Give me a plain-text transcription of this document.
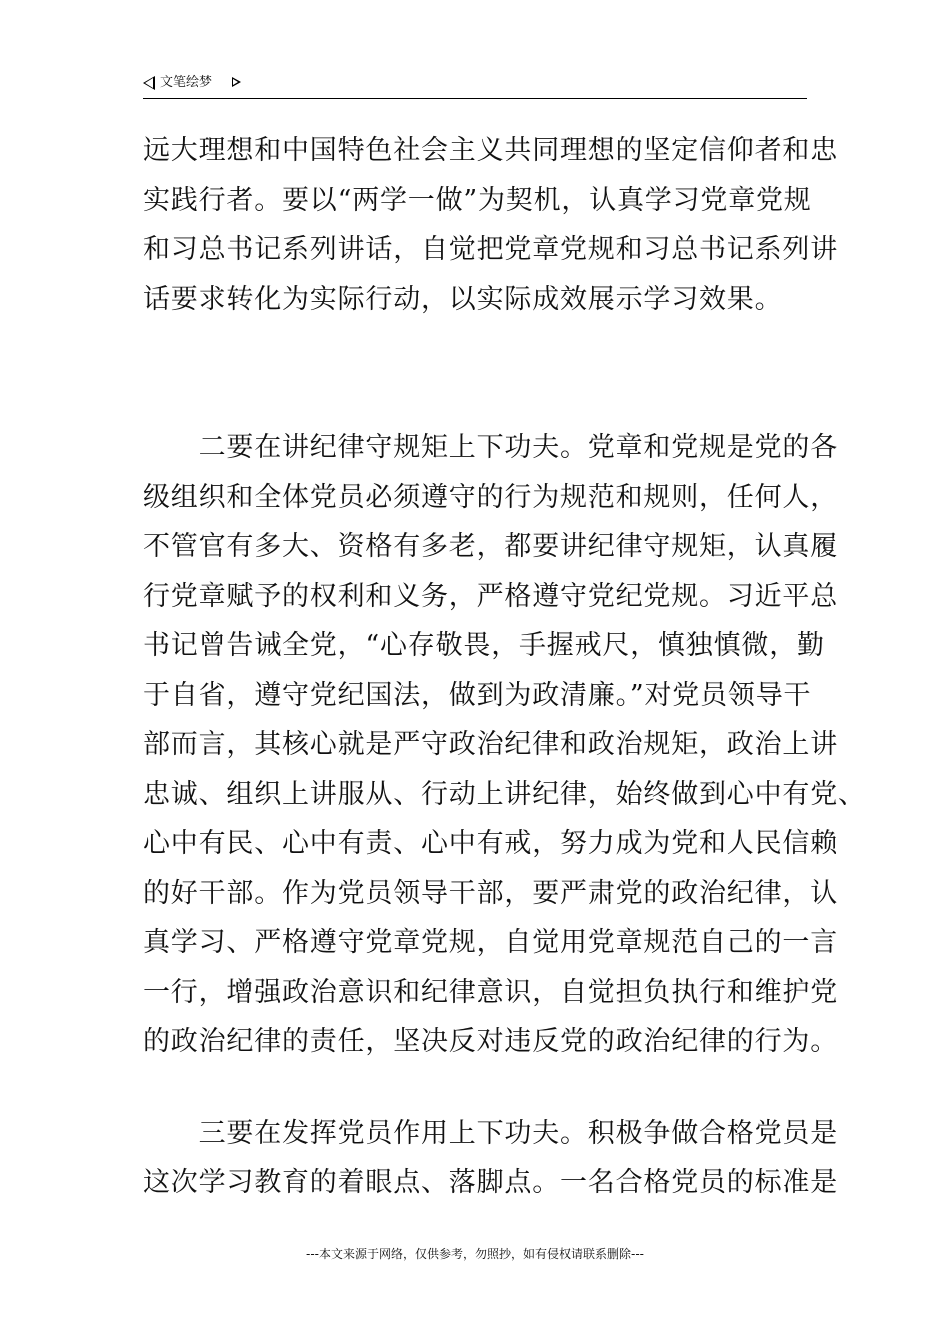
文笔绘梦
远大理想和中国特色社会主义共同理想的坚定信仰者和忠
实践行者。要以“两学一做”为契机，认真学习党章党规
和习总书记系列讲话，自觉把党章党规和习总书记系列讲
话要求转化为实际行动，以实际成效展示学习效果。
　　二要在讲纪律守规矩上下功夫。党章和党规是党的各
级组织和全体党员必须遵守的行为规范和规则，任何人，
不管官有多大、资格有多老，都要讲纪律守规矩，认真履
行党章赋予的权利和义务，严格遵守党纪党规。习近平总
书记曾告诫全党，“心存敬畏，手握戒尺，慎独慎微，勤
于自省，遵守党纪国法，做到为政清廉。”对党员领导干
部而言，其核心就是严守政治纪律和政治规矩，政治上讲
忠诚、组织上讲服从、行动上讲纪律，始终做到心中有党、
心中有民、心中有责、心中有戒，努力成为党和人民信赖
的好干部。作为党员领导干部，要严肃党的政治纪律，认
真学习、严格遵守党章党规，自觉用党章规范自己的一言
一行，增强政治意识和纪律意识，自觉担负执行和维护党
的政治纪律的责任，坚决反对违反党的政治纪律的行为。
　　三要在发挥党员作用上下功夫。积极争做合格党员是
这次学习教育的着眼点、落脚点。一名合格党员的标准是
---本文来源于网络，仅供参考，勿照抄，如有侵权请联系删除---
